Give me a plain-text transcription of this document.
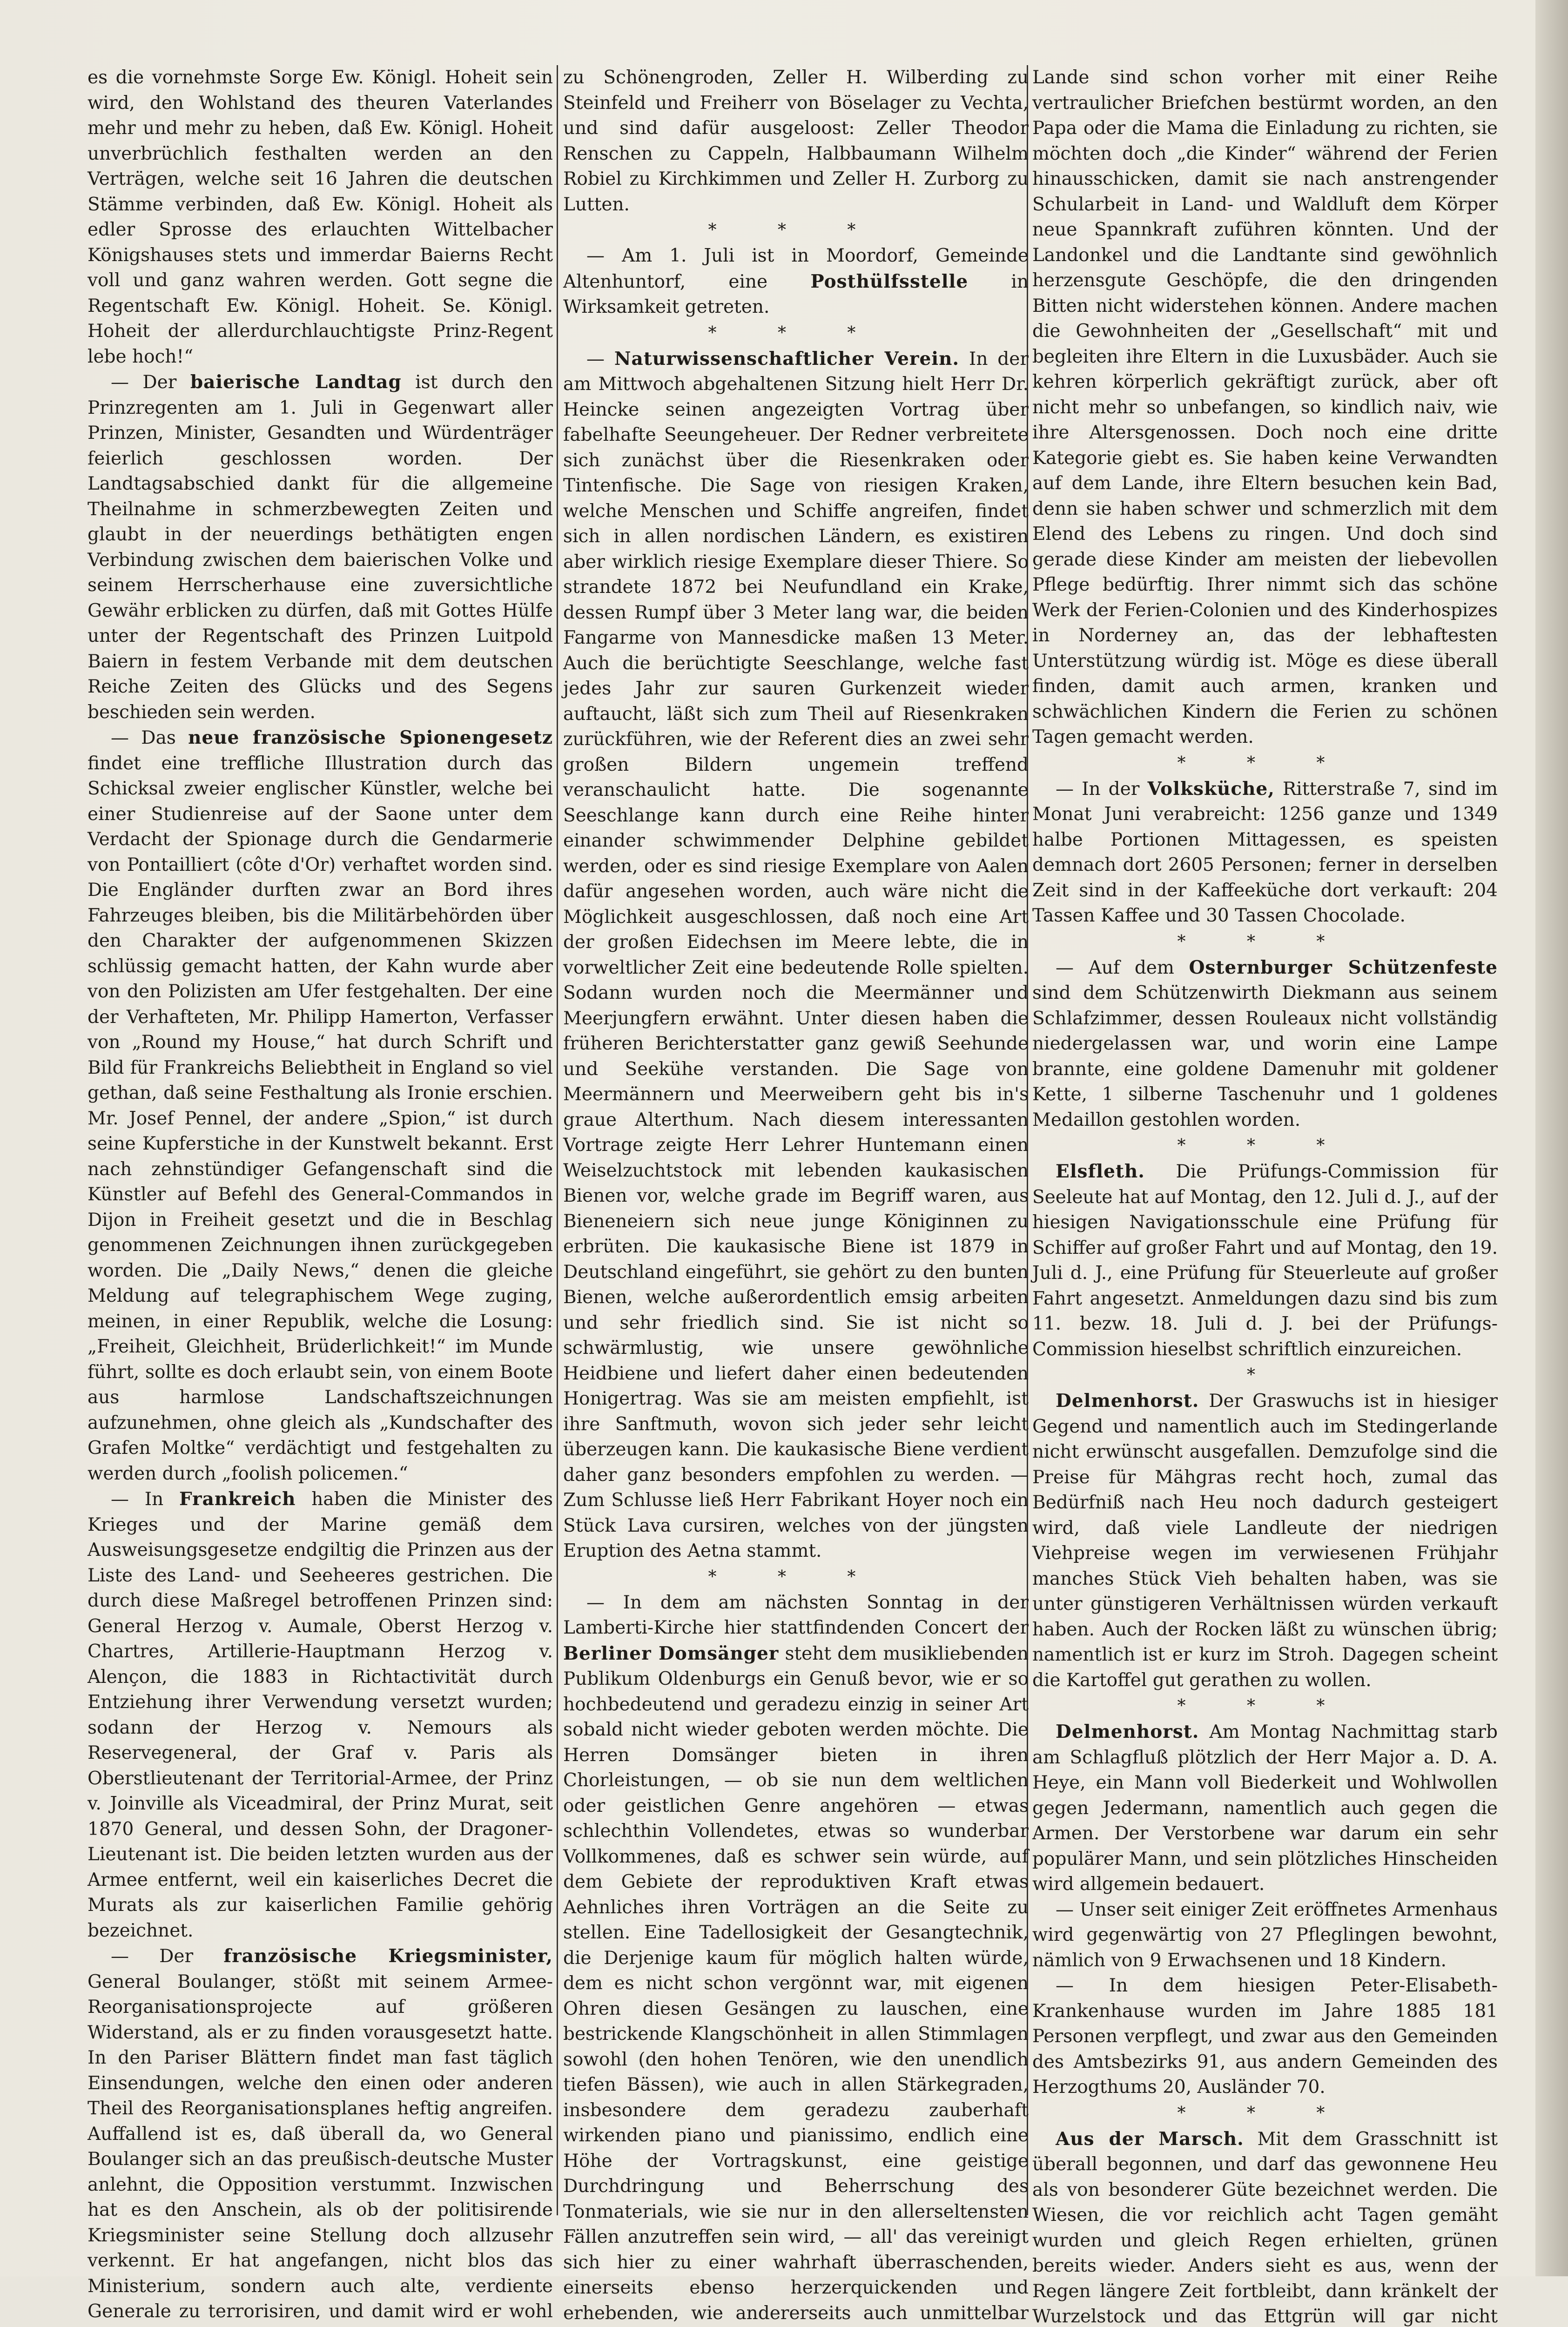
es die vornehmste Sorge Ew. Königl. Hoheit sein wird, den Wohlstand des theuren Vaterlandes mehr und mehr zu heben, daß Ew. Königl. Hoheit unverbrüchlich festhalten werden an den Verträgen, welche seit 16 Jahren die deutschen Stämme verbinden, daß Ew. Königl. Hoheit als edler Sprosse des erlauchten Wittelbacher Königshauses stets und immerdar Baierns Recht voll und ganz wahren werden. Gott segne die Regentschaft Ew. Königl. Hoheit. Se. Königl. Hoheit der allerdurchlauchtigste Prinz-Regent lebe hoch!“

— Der baierische Landtag ist durch den Prinzregenten am 1. Juli in Gegenwart aller Prinzen, Minister, Gesandten und Würdenträger feierlich geschlossen worden. Der Landtagsabschied dankt für die allgemeine Theilnahme in schmerzbewegten Zeiten und glaubt in der neuerdings bethätigten engen Verbindung zwischen dem baierischen Volke und seinem Herrscherhause eine zuversichtliche Gewähr erblicken zu dürfen, daß mit Gottes Hülfe unter der Regentschaft des Prinzen Luitpold Baiern in festem Verbande mit dem deutschen Reiche Zeiten des Glücks und des Segens beschieden sein werden.

— Das neue französische Spionengesetz findet eine treffliche Illustration durch das Schicksal zweier englischer Künstler, welche bei einer Studienreise auf der Saone unter dem Verdacht der Spionage durch die Gendarmerie von Pontailliert (côte d'Or) verhaftet worden sind. Die Engländer durften zwar an Bord ihres Fahrzeuges bleiben, bis die Militärbehörden über den Charakter der aufgenommenen Skizzen schlüssig gemacht hatten, der Kahn wurde aber von den Polizisten am Ufer festgehalten. Der eine der Verhafteten, Mr. Philipp Hamerton, Verfasser von „Round my House,“ hat durch Schrift und Bild für Frankreichs Beliebtheit in England so viel gethan, daß seine Festhaltung als Ironie erschien. Mr. Josef Pennel, der andere „Spion,“ ist durch seine Kupferstiche in der Kunstwelt bekannt. Erst nach zehnstündiger Gefangenschaft sind die Künstler auf Befehl des General-Commandos in Dijon in Freiheit gesetzt und die in Beschlag genommenen Zeichnungen ihnen zurückgegeben worden. Die „Daily News,“ denen die gleiche Meldung auf telegraphischem Wege zuging, meinen, in einer Republik, welche die Losung: „Freiheit, Gleichheit, Brüderlichkeit!“ im Munde führt, sollte es doch erlaubt sein, von einem Boote aus harmlose Landschaftszeichnungen aufzunehmen, ohne gleich als „Kundschafter des Grafen Moltke“ verdächtigt und festgehalten zu werden durch „foolish policemen.“

— In Frankreich haben die Minister des Krieges und der Marine gemäß dem Ausweisungsgesetze endgiltig die Prinzen aus der Liste des Land- und Seeheeres gestrichen. Die durch diese Maßregel betroffenen Prinzen sind: General Herzog v. Aumale, Oberst Herzog v. Chartres, Artillerie-Hauptmann Herzog v. Alençon, die 1883 in Richtactivität durch Entziehung ihrer Verwendung versetzt wurden; sodann der Herzog v. Nemours als Reservegeneral, der Graf v. Paris als Oberstlieutenant der Territorial-Armee, der Prinz v. Joinville als Viceadmiral, der Prinz Murat, seit 1870 General, und dessen Sohn, der Dragoner-Lieutenant ist. Die beiden letzten wurden aus der Armee entfernt, weil ein kaiserliches Decret die Murats als zur kaiserlichen Familie gehörig bezeichnet.

— Der französische Kriegsminister, General Boulanger, stößt mit seinem Armee-Reorganisationsprojecte auf größeren Widerstand, als er zu finden vorausgesetzt hatte. In den Pariser Blättern findet man fast täglich Einsendungen, welche den einen oder anderen Theil des Reorganisationsplanes heftig angreifen. Auffallend ist es, daß überall da, wo General Boulanger sich an das preußisch-deutsche Muster anlehnt, die Opposition verstummt. Inzwischen hat es den Anschein, als ob der politisirende Kriegsminister seine Stellung doch allzusehr verkennt. Er hat angefangen, nicht blos das Ministerium, sondern auch alte, verdiente Generale zu terrorisiren, und damit wird er wohl

zu Schönengroden, Zeller H. Wilberding zu Steinfeld und Freiherr von Böselager zu Vechta, und sind dafür ausgeloost: Zeller Theodor Renschen zu Cappeln, Halbbaumann Wilhelm Robiel zu Kirchkimmen und Zeller H. Zurborg zu Lutten.

* * *

— Am 1. Juli ist in Moordorf, Gemeinde Altenhuntorf, eine Posthülfsstelle in Wirksamkeit getreten.

* * *

— Naturwissenschaftlicher Verein. In der am Mittwoch abgehaltenen Sitzung hielt Herr Dr. Heincke seinen angezeigten Vortrag über fabelhafte Seeungeheuer. Der Redner verbreitete sich zunächst über die Riesenkraken oder Tintenfische. Die Sage von riesigen Kraken, welche Menschen und Schiffe angreifen, findet sich in allen nordischen Ländern, es existiren aber wirklich riesige Exemplare dieser Thiere. So strandete 1872 bei Neufundland ein Krake, dessen Rumpf über 3 Meter lang war, die beiden Fangarme von Mannesdicke maßen 13 Meter. Auch die berüchtigte Seeschlange, welche fast jedes Jahr zur sauren Gurkenzeit wieder auftaucht, läßt sich zum Theil auf Riesenkraken zurückführen, wie der Referent dies an zwei sehr großen Bildern ungemein treffend veranschaulicht hatte. Die sogenannte Seeschlange kann durch eine Reihe hinter einander schwimmender Delphine gebildet werden, oder es sind riesige Exemplare von Aalen dafür angesehen worden, auch wäre nicht die Möglichkeit ausgeschlossen, daß noch eine Art der großen Eidechsen im Meere lebte, die in vorweltlicher Zeit eine bedeutende Rolle spielten. Sodann wurden noch die Meermänner und Meerjungfern erwähnt. Unter diesen haben die früheren Berichterstatter ganz gewiß Seehunde und Seekühe verstanden. Die Sage von Meermännern und Meerweibern geht bis in's graue Alterthum. Nach diesem interessanten Vortrage zeigte Herr Lehrer Huntemann einen Weiselzuchtstock mit lebenden kaukasischen Bienen vor, welche grade im Begriff waren, aus Bieneneiern sich neue junge Königinnen zu erbrüten. Die kaukasische Biene ist 1879 in Deutschland eingeführt, sie gehört zu den bunten Bienen, welche außerordentlich emsig arbeiten und sehr friedlich sind. Sie ist nicht so schwärmlustig, wie unsere gewöhnliche Heidbiene und liefert daher einen bedeutenden Honigertrag. Was sie am meisten empfiehlt, ist ihre Sanftmuth, wovon sich jeder sehr leicht überzeugen kann. Die kaukasische Biene verdient daher ganz besonders empfohlen zu werden. — Zum Schlusse ließ Herr Fabrikant Hoyer noch ein Stück Lava cursiren, welches von der jüngsten Eruption des Aetna stammt.

* * *

— In dem am nächsten Sonntag in der Lamberti-Kirche hier stattfindenden Concert der Berliner Domsänger steht dem musikliebenden Publikum Oldenburgs ein Genuß bevor, wie er so hochbedeutend und geradezu einzig in seiner Art sobald nicht wieder geboten werden möchte. Die Herren Domsänger bieten in ihren Chorleistungen, — ob sie nun dem weltlichen oder geistlichen Genre angehören — etwas schlechthin Vollendetes, etwas so wunderbar Vollkommenes, daß es schwer sein würde, auf dem Gebiete der reproduktiven Kraft etwas Aehnliches ihren Vorträgen an die Seite zu stellen. Eine Tadellosigkeit der Gesangtechnik, die Derjenige kaum für möglich halten würde, dem es nicht schon vergönnt war, mit eigenen Ohren diesen Gesängen zu lauschen, eine bestrickende Klangschönheit in allen Stimmlagen sowohl (den hohen Tenören, wie den unendlich tiefen Bässen), wie auch in allen Stärkegraden, insbesondere dem geradezu zauberhaft wirkenden piano und pianissimo, endlich eine Höhe der Vortragskunst, eine geistige Durchdringung und Beherrschung des Tonmaterials, wie sie nur in den allerseltensten Fällen anzutreffen sein wird, — all' das vereinigt sich hier zu einer wahrhaft überraschenden, einerseits ebenso herzerquickenden und erhebenden, wie andererseits auch unmittelbar

Lande sind schon vorher mit einer Reihe vertraulicher Briefchen bestürmt worden, an den Papa oder die Mama die Einladung zu richten, sie möchten doch „die Kinder“ während der Ferien hinausschicken, damit sie nach anstrengender Schularbeit in Land- und Waldluft dem Körper neue Spannkraft zuführen könnten. Und der Landonkel und die Landtante sind gewöhnlich herzensgute Geschöpfe, die den dringenden Bitten nicht widerstehen können. Andere machen die Gewohnheiten der „Gesellschaft“ mit und begleiten ihre Eltern in die Luxusbäder. Auch sie kehren körperlich gekräftigt zurück, aber oft nicht mehr so unbefangen, so kindlich naiv, wie ihre Altersgenossen. Doch noch eine dritte Kategorie giebt es. Sie haben keine Verwandten auf dem Lande, ihre Eltern besuchen kein Bad, denn sie haben schwer und schmerzlich mit dem Elend des Lebens zu ringen. Und doch sind gerade diese Kinder am meisten der liebevollen Pflege bedürftig. Ihrer nimmt sich das schöne Werk der Ferien-Colonien und des Kinderhospizes in Norderney an, das der lebhaftesten Unterstützung würdig ist. Möge es diese überall finden, damit auch armen, kranken und schwächlichen Kindern die Ferien zu schönen Tagen gemacht werden.

* * *

— In der Volksküche, Ritterstraße 7, sind im Monat Juni verabreicht: 1256 ganze und 1349 halbe Portionen Mittagessen, es speisten demnach dort 2605 Personen; ferner in derselben Zeit sind in der Kaffeeküche dort verkauft: 204 Tassen Kaffee und 30 Tassen Chocolade.

* * *

— Auf dem Osternburger Schützenfeste sind dem Schützenwirth Diekmann aus seinem Schlafzimmer, dessen Rouleaux nicht vollständig niedergelassen war, und worin eine Lampe brannte, eine goldene Damenuhr mit goldener Kette, 1 silberne Taschenuhr und 1 goldenes Medaillon gestohlen worden.

* * *

Elsfleth. Die Prüfungs-Commission für Seeleute hat auf Montag, den 12. Juli d. J., auf der hiesigen Navigationsschule eine Prüfung für Schiffer auf großer Fahrt und auf Montag, den 19. Juli d. J., eine Prüfung für Steuerleute auf großer Fahrt angesetzt. Anmeldungen dazu sind bis zum 11. bezw. 18. Juli d. J. bei der Prüfungs-Commission hieselbst schriftlich einzureichen.

*

Delmenhorst. Der Graswuchs ist in hiesiger Gegend und namentlich auch im Stedingerlande nicht erwünscht ausgefallen. Demzufolge sind die Preise für Mähgras recht hoch, zumal das Bedürfniß nach Heu noch dadurch gesteigert wird, daß viele Landleute der niedrigen Viehpreise wegen im verwiesenen Frühjahr manches Stück Vieh behalten haben, was sie unter günstigeren Verhältnissen würden verkauft haben. Auch der Rocken läßt zu wünschen übrig; namentlich ist er kurz im Stroh. Dagegen scheint die Kartoffel gut gerathen zu wollen.

* * *

Delmenhorst. Am Montag Nachmittag starb am Schlagfluß plötzlich der Herr Major a. D. A. Heye, ein Mann voll Biederkeit und Wohlwollen gegen Jedermann, namentlich auch gegen die Armen. Der Verstorbene war darum ein sehr populärer Mann, und sein plötzliches Hinscheiden wird allgemein bedauert.

— Unser seit einiger Zeit eröffnetes Armenhaus wird gegenwärtig von 27 Pfleglingen bewohnt, nämlich von 9 Erwachsenen und 18 Kindern.

— In dem hiesigen Peter-Elisabeth-Krankenhause wurden im Jahre 1885 181 Personen verpflegt, und zwar aus den Gemeinden des Amtsbezirks 91, aus andern Gemeinden des Herzogthums 20, Ausländer 70.

* * *

Aus der Marsch. Mit dem Grasschnitt ist überall begonnen, und darf das gewonnene Heu als von besonderer Güte bezeichnet werden. Die Wiesen, die vor reichlich acht Tagen gemäht wurden und gleich Regen erhielten, grünen bereits wieder. Anders sieht es aus, wenn der Regen längere Zeit fortbleibt, dann kränkelt der Wurzelstock und das Ettgrün will gar nicht
